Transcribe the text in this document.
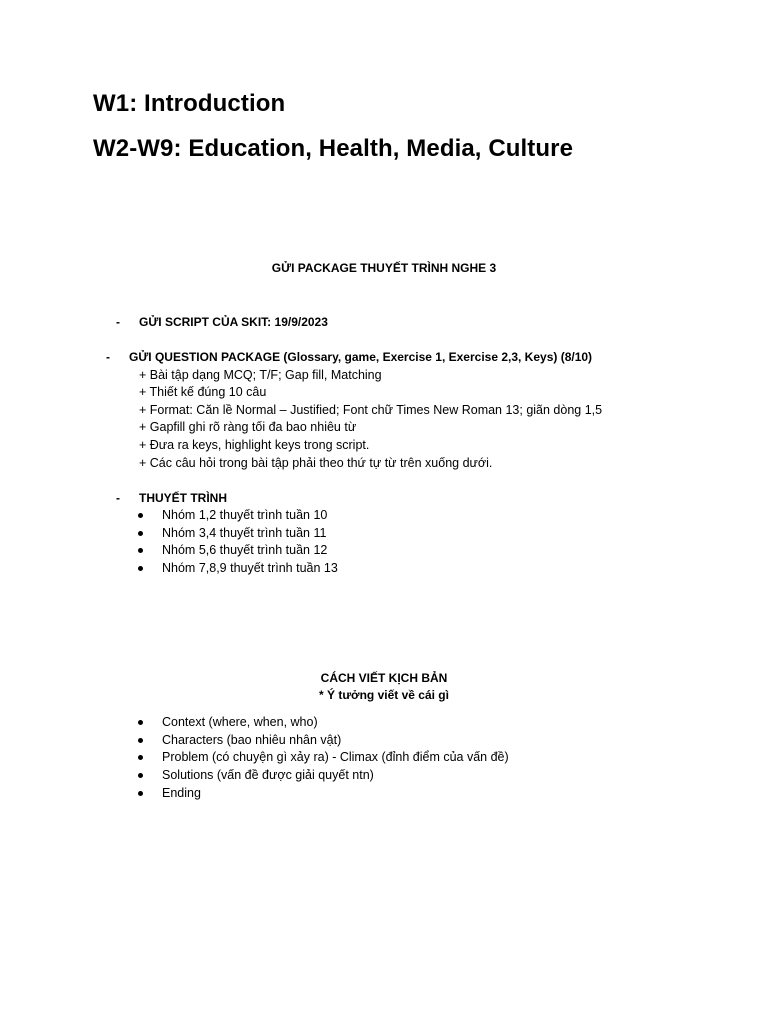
W1: Introduction
W2-W9: Education, Health, Media, Culture
GỬI PACKAGE THUYẾT TRÌNH NGHE 3
- GỬI SCRIPT CỦA SKIT: 19/9/2023
- GỬI QUESTION PACKAGE (Glossary, game, Exercise 1, Exercise 2,3, Keys) (8/10)
+ Bài tập dạng MCQ; T/F; Gap fill, Matching
+ Thiết kế đúng 10 câu
+ Format: Căn lề Normal – Justified; Font chữ Times New Roman 13; giãn dòng 1,5
+ Gapfill ghi rõ ràng tối đa bao nhiêu từ
+ Đưa ra keys, highlight keys trong script.
+ Các câu hỏi trong bài tập phải theo thứ tự từ trên xuống dưới.
- THUYẾT TRÌNH
Nhóm 1,2 thuyết trình tuần 10
Nhóm 3,4 thuyết trình tuần 11
Nhóm 5,6 thuyết trình tuần 12
Nhóm 7,8,9 thuyết trình tuần 13
CÁCH VIẾT KỊCH BẢN
* Ý tưởng viết về cái gì
Context (where, when, who)
Characters (bao nhiêu nhân vật)
Problem (có chuyện gì xảy ra) - Climax (đỉnh điểm của vấn đề)
Solutions (vấn đề được giải quyết ntn)
Ending
